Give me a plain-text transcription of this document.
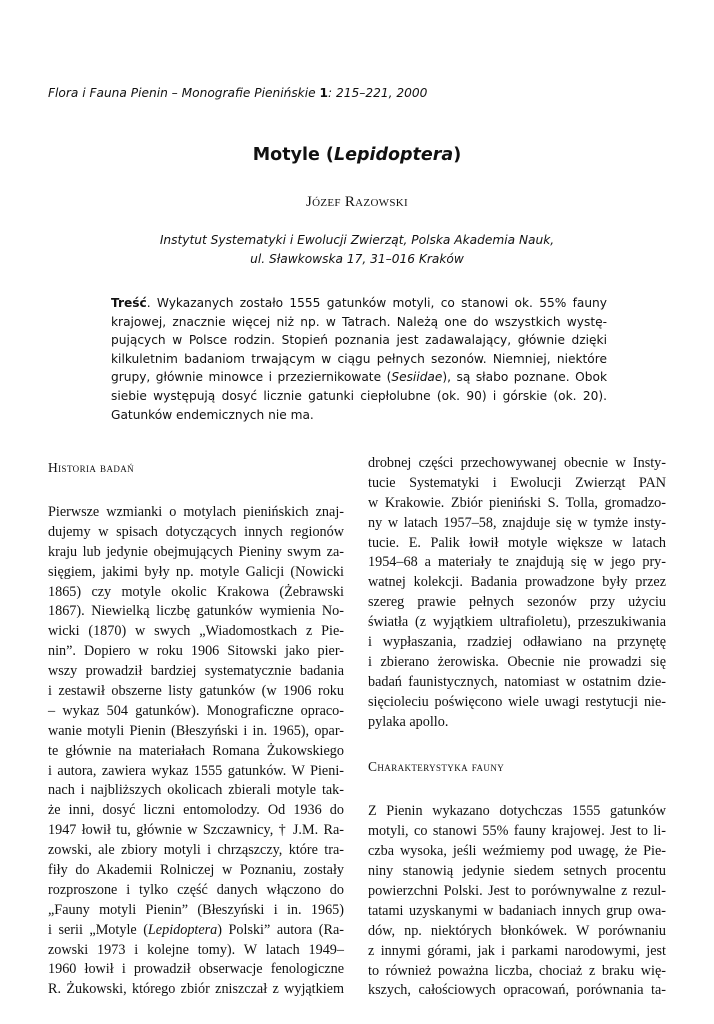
Flora i Fauna Pienin – Monografie Pienińskie 1: 215–221, 2000
Motyle (Lepidoptera)
Józef Razowski
Instytut Systematyki i Ewolucji Zwierząt, Polska Akademia Nauk,
ul. Sławkowska 17, 31–016 Kraków
Treść. Wykazanych zostało 1555 gatunków motyli, co stanowi ok. 55% fauny
krajowej, znacznie więcej niż np. w Tatrach. Należą one do wszystkich wystę-
pujących w Polsce rodzin. Stopień poznania jest zadawalający, głównie dzięki
kilkuletnim badaniom trwającym w ciągu pełnych sezonów. Niemniej, niektóre
grupy, głównie minowce i przeziernikowate (Sesiidae), są słabo poznane. Obok
siebie występują dosyć licznie gatunki ciepłolubne (ok. 90) i górskie (ok. 20).
Gatunków endemicznych nie ma.
Historia badań
Pierwsze wzmianki o motylach pienińskich znaj-
dujemy w spisach dotyczących innych regionów
kraju lub jedynie obejmujących Pieniny swym za-
sięgiem, jakimi były np. motyle Galicji (Nowicki
1865) czy motyle okolic Krakowa (Żebrawski
1867). Niewielką liczbę gatunków wymienia No-
wicki (1870) w swych „Wiadomostkach z Pie-
nin”. Dopiero w roku 1906 Sitowski jako pier-
wszy prowadził bardziej systematycznie badania
i zestawił obszerne listy gatunków (w 1906 roku
– wykaz 504 gatunków). Monograficzne opraco-
wanie motyli Pienin (Błeszyński i in. 1965), opar-
te głównie na materiałach Romana Żukowskiego
i autora, zawiera wykaz 1555 gatunków. W Pieni-
nach i najbliższych okolicach zbierali motyle tak-
że inni, dosyć liczni entomolodzy. Od 1936 do
1947 łowił tu, głównie w Szczawnicy, † J.M. Ra-
zowski, ale zbiory motyli i chrząszczy, które tra-
fiły do Akademii Rolniczej w Poznaniu, zostały
rozproszone i tylko część danych włączono do
„Fauny motyli Pienin” (Błeszyński i in. 1965)
i serii „Motyle (Lepidoptera) Polski” autora (Ra-
zowski 1973 i kolejne tomy). W latach 1949–
1960 łowił i prowadził obserwacje fenologiczne
R. Żukowski, którego zbiór zniszczał z wyjątkiem
drobnej części przechowywanej obecnie w Insty-
tucie Systematyki i Ewolucji Zwierząt PAN
w Krakowie. Zbiór pieniński S. Tolla, gromadzo-
ny w latach 1957–58, znajduje się w tymże insty-
tucie. E. Palik łowił motyle większe w latach
1954–68 a materiały te znajdują się w jego pry-
watnej kolekcji. Badania prowadzone były przez
szereg prawie pełnych sezonów przy użyciu
światła (z wyjątkiem ultrafioletu), przeszukiwania
i wypłaszania, rzadziej odławiano na przynętę
i zbierano żerowiska. Obecnie nie prowadzi się
badań faunistycznych, natomiast w ostatnim dzie-
sięcioleciu poświęcono wiele uwagi restytucji nie-
pylaka apollo.
Charakterystyka fauny
Z Pienin wykazano dotychczas 1555 gatunków
motyli, co stanowi 55% fauny krajowej. Jest to li-
czba wysoka, jeśli weźmiemy pod uwagę, że Pie-
niny stanowią jedynie siedem setnych procentu
powierzchni Polski. Jest to porównywalne z rezul-
tatami uzyskanymi w badaniach innych grup owa-
dów, np. niektórych błonkówek. W porównaniu
z innymi górami, jak i parkami narodowymi, jest
to również poważna liczba, chociaż z braku wię-
kszych, całościowych opracowań, porównania ta-
